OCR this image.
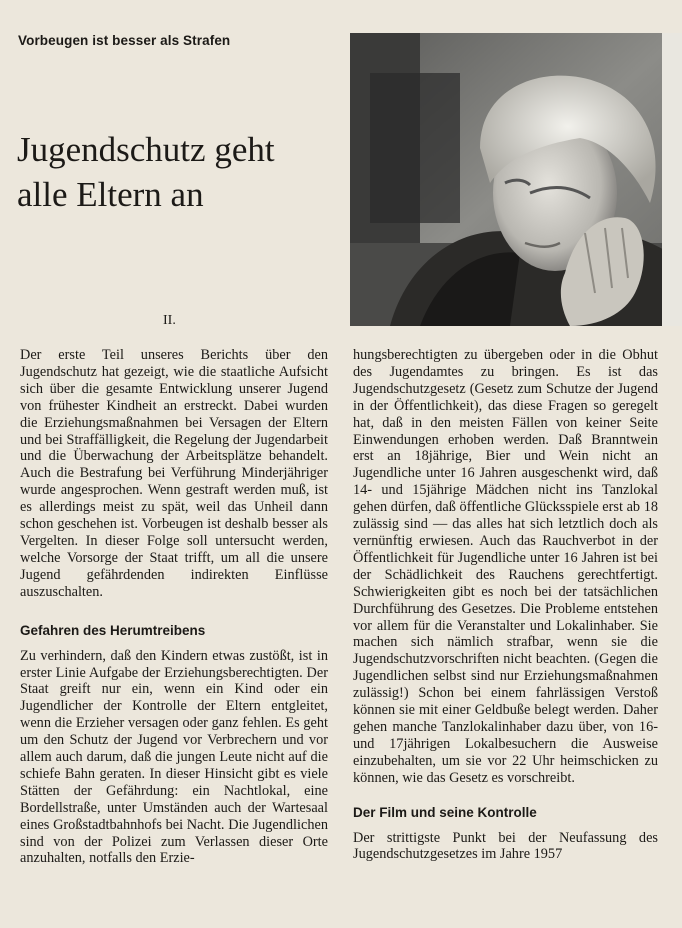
Vorbeugen ist besser als Strafen
Jugendschutz geht
alle Eltern an
II.

Der erste Teil unseres Berichts über den Jugendschutz hat gezeigt, wie die staatliche Aufsicht sich über die gesamte Entwicklung unserer Jugend von frühester Kindheit an erstreckt. Dabei wurden die Erziehungsmaßnahmen bei Versagen der Eltern und bei Straffälligkeit, die Regelung der Jugendarbeit und die Überwachung der Arbeitsplätze behandelt. Auch die Bestrafung bei Verführung Minderjähriger wurde angesprochen. Wenn gestraft werden muß, ist es allerdings meist zu spät, weil das Unheil dann schon geschehen ist. Vorbeugen ist deshalb besser als Vergelten. In dieser Folge soll untersucht werden, welche Vorsorge der Staat trifft, um all die unsere Jugend gefährdenden indirekten Einflüsse auszuschalten.

Gefahren des Herumtreibens

Zu verhindern, daß den Kindern etwas zustößt, ist in erster Linie Aufgabe der Erziehungsberechtigten. Der Staat greift nur ein, wenn ein Kind oder ein Jugendlicher der Kontrolle der Eltern entgleitet, wenn die Erzieher versagen oder ganz fehlen. Es geht um den Schutz der Jugend vor Verbrechern und vor allem auch darum, daß die jungen Leute nicht auf die schiefe Bahn geraten. In dieser Hinsicht gibt es viele Stätten der Gefährdung: ein Nachtlokal, eine Bordellstraße, unter Umständen auch der Wartesaal eines Großstadtbahnhofs bei Nacht. Die Jugendlichen sind von der Polizei zum Verlassen dieser Orte anzuhalten, notfalls den Erzie-

hungsberechtigten zu übergeben oder in die Obhut des Jugendamtes zu bringen. Es ist das Jugendschutzgesetz (Gesetz zum Schutze der Jugend in der Öffentlichkeit), das diese Fragen so geregelt hat, daß in den meisten Fällen von keiner Seite Einwendungen erhoben werden. Daß Branntwein erst an 18jährige, Bier und Wein nicht an Jugendliche unter 16 Jahren ausgeschenkt wird, daß 14- und 15jährige Mädchen nicht ins Tanzlokal gehen dürfen, daß öffentliche Glücksspiele erst ab 18 zulässig sind — das alles hat sich letztlich doch als vernünftig erwiesen. Auch das Rauchverbot in der Öffentlichkeit für Jugendliche unter 16 Jahren ist bei der Schädlichkeit des Rauchens gerechtfertigt. Schwierigkeiten gibt es noch bei der tatsächlichen Durchführung des Gesetzes. Die Probleme entstehen vor allem für die Veranstalter und Lokalinhaber. Sie machen sich nämlich strafbar, wenn sie die Jugendschutzvorschriften nicht beachten. (Gegen die Jugendlichen selbst sind nur Erziehungsmaßnahmen zulässig!) Schon bei einem fahrlässigen Verstoß können sie mit einer Geldbuße belegt werden. Daher gehen manche Tanzlokalinhaber dazu über, von 16- und 17jährigen Lokalbesuchern die Ausweise einzubehalten, um sie vor 22 Uhr heimschicken zu können, wie das Gesetz es vorschreibt.

Der Film und seine Kontrolle

Der strittigste Punkt bei der Neufassung des Jugendschutzgesetzes im Jahre 1957
